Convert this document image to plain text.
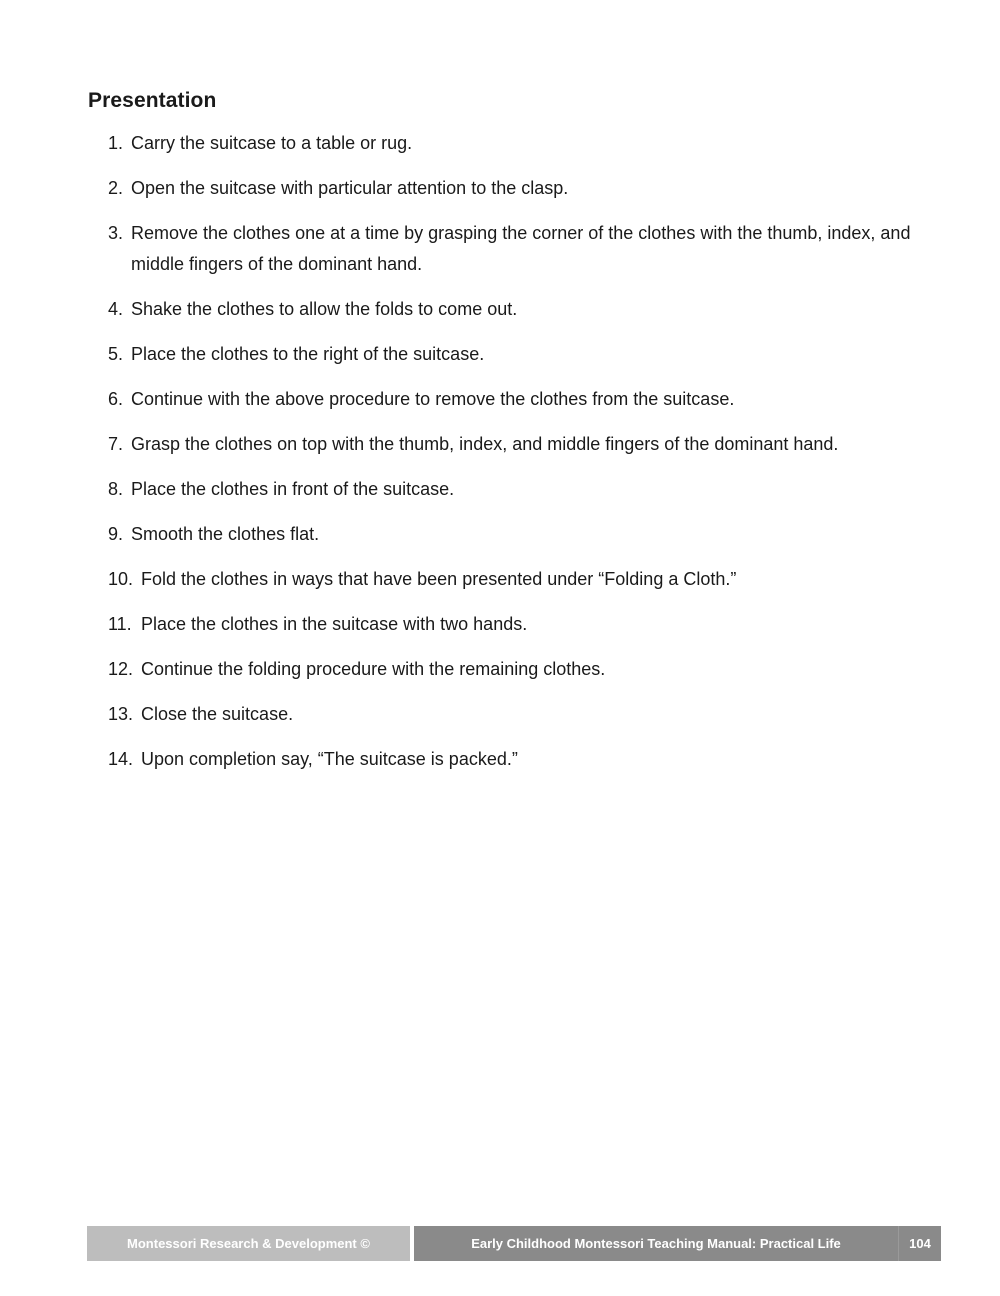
Presentation
1. Carry the suitcase to a table or rug.
2. Open the suitcase with particular attention to the clasp.
3. Remove the clothes one at a time by grasping the corner of the clothes with the thumb, index, and middle fingers of the dominant hand.
4. Shake the clothes to allow the folds to come out.
5. Place the clothes to the right of the suitcase.
6. Continue with the above procedure to remove the clothes from the suitcase.
7. Grasp the clothes on top with the thumb, index, and middle fingers of the dominant hand.
8. Place the clothes in front of the suitcase.
9. Smooth the clothes flat.
10. Fold the clothes in ways that have been presented under “Folding a Cloth.”
11. Place the clothes in the suitcase with two hands.
12. Continue the folding procedure with the remaining clothes.
13. Close the suitcase.
14. Upon completion say, “The suitcase is packed.”
Montessori Research & Development ©	Early Childhood Montessori Teaching Manual: Practical Life	104
